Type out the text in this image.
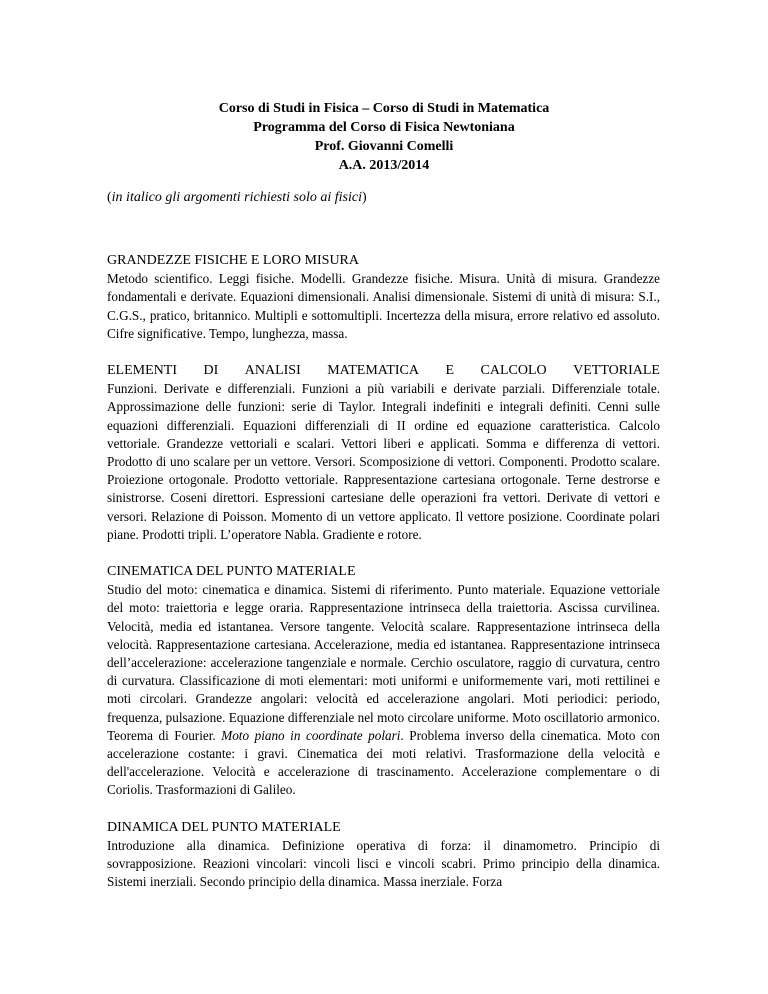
Corso di Studi in Fisica – Corso di Studi in Matematica
Programma del Corso di Fisica Newtoniana
Prof. Giovanni Comelli
A.A. 2013/2014
(in italico gli argomenti richiesti solo ai fisici)
GRANDEZZE FISICHE E LORO MISURA
Metodo scientifico. Leggi fisiche. Modelli. Grandezze fisiche. Misura. Unità di misura. Grandezze fondamentali e derivate. Equazioni dimensionali. Analisi dimensionale. Sistemi di unità di misura: S.I., C.G.S., pratico, britannico. Multipli e sottomultipli. Incertezza della misura, errore relativo ed assoluto. Cifre significative. Tempo, lunghezza, massa.
ELEMENTI DI ANALISI MATEMATICA E CALCOLO VETTORIALE
Funzioni. Derivate e differenziali. Funzioni a più variabili e derivate parziali. Differenziale totale. Approssimazione delle funzioni: serie di Taylor. Integrali indefiniti e integrali definiti. Cenni sulle equazioni differenziali. Equazioni differenziali di II ordine ed equazione caratteristica. Calcolo vettoriale. Grandezze vettoriali e scalari. Vettori liberi e applicati. Somma e differenza di vettori. Prodotto di uno scalare per un vettore. Versori. Scomposizione di vettori. Componenti. Prodotto scalare. Proiezione ortogonale. Prodotto vettoriale. Rappresentazione cartesiana ortogonale. Terne destrorse e sinistrorse. Coseni direttori. Espressioni cartesiane delle operazioni fra vettori. Derivate di vettori e versori. Relazione di Poisson. Momento di un vettore applicato. Il vettore posizione. Coordinate polari piane. Prodotti tripli. L’operatore Nabla. Gradiente e rotore.
CINEMATICA DEL PUNTO MATERIALE
Studio del moto: cinematica e dinamica. Sistemi di riferimento. Punto materiale. Equazione vettoriale del moto: traiettoria e legge oraria. Rappresentazione intrinseca della traiettoria. Ascissa curvilinea. Velocità, media ed istantanea. Versore tangente. Velocità scalare. Rappresentazione intrinseca della velocità. Rappresentazione cartesiana. Accelerazione, media ed istantanea. Rappresentazione intrinseca dell’accelerazione: accelerazione tangenziale e normale. Cerchio osculatore, raggio di curvatura, centro di curvatura. Classificazione di moti elementari: moti uniformi e uniformemente vari, moti rettilinei e moti circolari. Grandezze angolari: velocità ed accelerazione angolari. Moti periodici: periodo, frequenza, pulsazione. Equazione differenziale nel moto circolare uniforme. Moto oscillatorio armonico. Teorema di Fourier. Moto piano in coordinate polari. Problema inverso della cinematica. Moto con accelerazione costante: i gravi. Cinematica dei moti relativi. Trasformazione della velocità e dell'accelerazione. Velocità e accelerazione di trascinamento. Accelerazione complementare o di Coriolis. Trasformazioni di Galileo.
DINAMICA DEL PUNTO MATERIALE
Introduzione alla dinamica. Definizione operativa di forza: il dinamometro. Principio di sovrapposizione. Reazioni vincolari: vincoli lisci e vincoli scabri. Primo principio della dinamica. Sistemi inerziali. Secondo principio della dinamica. Massa inerziale. Forza
